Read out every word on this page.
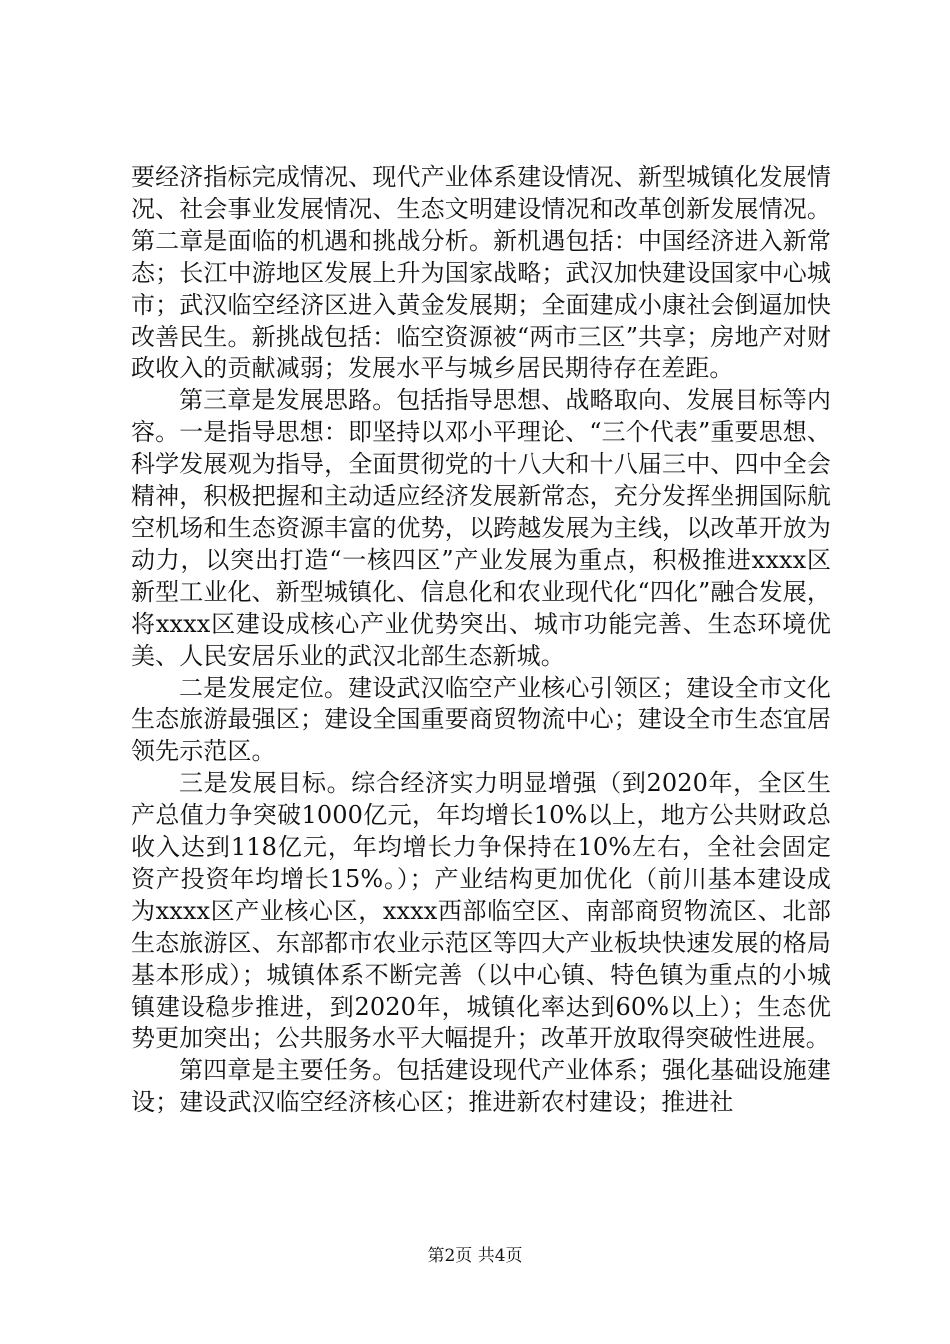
要经济指标完成情况、现代产业体系建设情况、新型城镇化发展情况、社会事业发展情况、生态文明建设情况和改革创新发展情况。第二章是面临的机遇和挑战分析。新机遇包括：中国经济进入新常态；长江中游地区发展上升为国家战略；武汉加快建设国家中心城市；武汉临空经济区进入黄金发展期；全面建成小康社会倒逼加快改善民生。新挑战包括：临空资源被“两市三区”共享；房地产对财政收入的贡献减弱；发展水平与城乡居民期待存在差距。

第三章是发展思路。包括指导思想、战略取向、发展目标等内容。一是指导思想：即坚持以邓小平理论、“三个代表”重要思想、科学发展观为指导，全面贯彻党的十八大和十八届三中、四中全会精神，积极把握和主动适应经济发展新常态，充分发挥坐拥国际航空机场和生态资源丰富的优势，以跨越发展为主线，以改革开放为动力，以突出打造“一核四区”产业发展为重点，积极推进xxxx区新型工业化、新型城镇化、信息化和农业现代化“四化”融合发展，将xxxx区建设成核心产业优势突出、城市功能完善、生态环境优美、人民安居乐业的武汉北部生态新城。

二是发展定位。建设武汉临空产业核心引领区；建设全市文化生态旅游最强区；建设全国重要商贸物流中心；建设全市生态宜居领先示范区。

三是发展目标。综合经济实力明显增强（到2020年，全区生产总值力争突破1000亿元，年均增长10%以上，地方公共财政总收入达到118亿元，年均增长力争保持在10%左右，全社会固定资产投资年均增长15%。）；产业结构更加优化（前川基本建设成为xxxx区产业核心区，xxxx西部临空区、南部商贸物流区、北部生态旅游区、东部都市农业示范区等四大产业板块快速发展的格局基本形成）；城镇体系不断完善（以中心镇、特色镇为重点的小城镇建设稳步推进，到2020年，城镇化率达到60%以上）；生态优势更加突出；公共服务水平大幅提升；改革开放取得突破性进展。

第四章是主要任务。包括建设现代产业体系；强化基础设施建设；建设武汉临空经济核心区；推进新农村建设；推进社

第2页 共4页
